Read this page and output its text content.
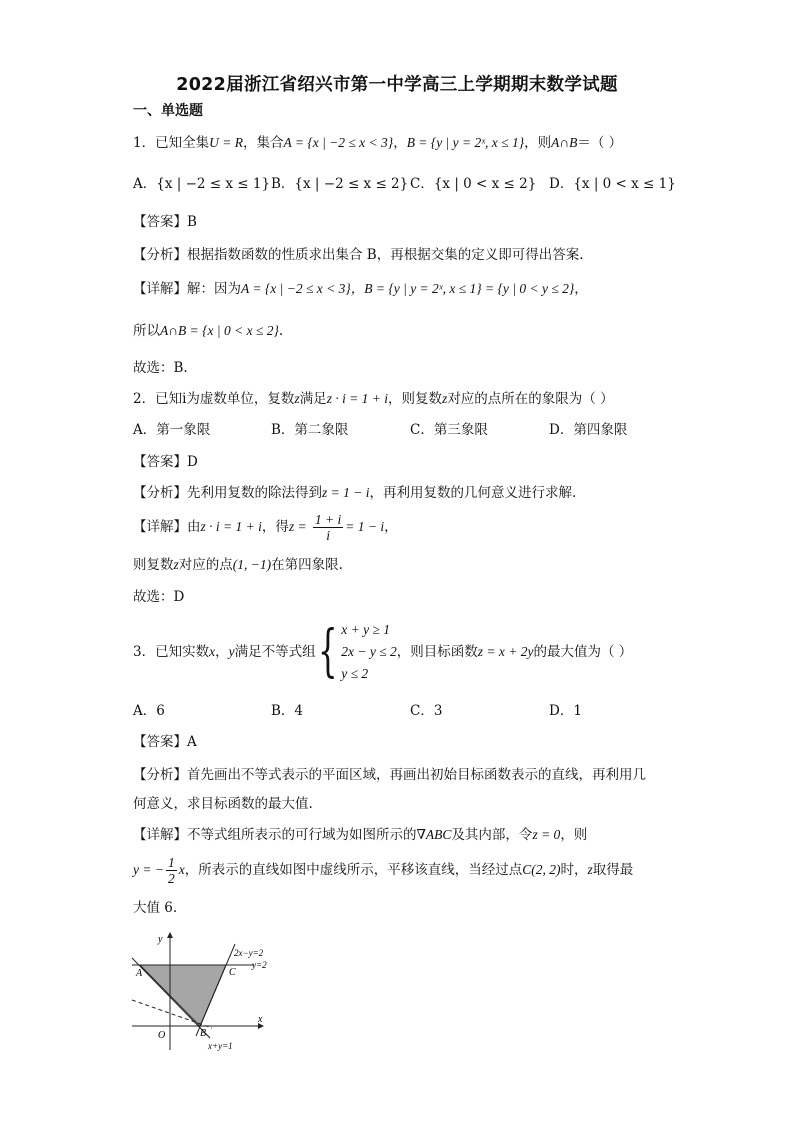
2022届浙江省绍兴市第一中学高三上学期期末数学试题
一、单选题
1．已知全集U = R，集合A = {x | −2 ≤ x < 3}，B = {y | y = 2ˣ, x ≤ 1}，则A∩B＝（ ）
A．{x | −2 ≤ x ≤ 1} B．{x | −2 ≤ x ≤ 2} C．{x | 0 < x ≤ 2} D．{x | 0 < x ≤ 1}
【答案】B
【分析】根据指数函数的性质求出集合 B，再根据交集的定义即可得出答案.
【详解】解：因为A = {x | −2 ≤ x < 3}，B = {y | y = 2ˣ, x ≤ 1} = {y | 0 < y ≤ 2}，
所以A∩B = {x | 0 < x ≤ 2}.
故选：B.
2．已知i为虚数单位，复数z满足z · i = 1 + i，则复数z对应的点所在的象限为（ ）
A．第一象限	B．第二象限	C．第三象限	D．第四象限
【答案】D
【分析】先利用复数的除法得到z = 1 − i，再利用复数的几何意义进行求解.
【详解】由z · i = 1 + i，得$z = \frac{1 + i}{i} = 1 - i$，
则复数z对应的点(1, −1)在第四象限.
故选：D
3．已知实数x，y满足不等式组{ x + y ≥ 1
2x − y ≤ 2
y ≤ 2
，则目标函数z = x + 2y的最大值为（ ）
A．6	B．4	C．3	D．1
【答案】A
【分析】首先画出不等式表示的平面区域，再画出初始目标函数表示的直线，再利用几
何意义，求目标函数的最大值.
【详解】不等式组所表示的可行域为如图所示的∇ABC及其内部，令z = 0，则
y = − $\frac{1}{2}$ x，所表示的直线如图中虚线所示，平移该直线，当经过点C(2, 2)时，z取得最
大值 6.
y
x
O
A
B
C
2x−y=2
y=2
x+y=1
